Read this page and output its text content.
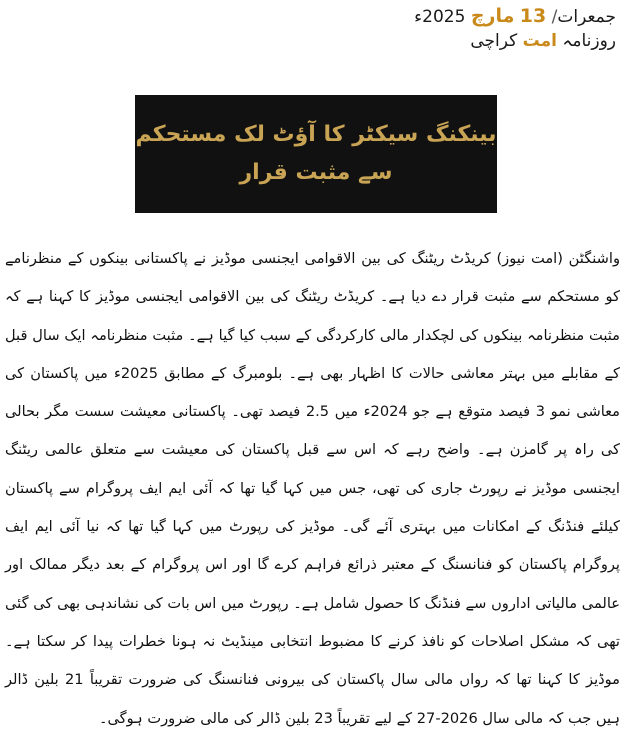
جمعرات/ 13 مارچ 2025ء
روزنامہ امت کراچی
بینکنگ سیکٹر کا آؤٹ لک مستحکم
سے مثبت قرار
واشنگٹن (امت نیوز) کریڈٹ ریٹنگ کی بین الاقوامی ایجنسی موڈیز نے پاکستانی بینکوں کے منظرنامے کو مستحکم سے مثبت قرار دے دیا ہے۔ کریڈٹ ریٹنگ کی بین الاقوامی ایجنسی موڈیز کا کہنا ہے کہ مثبت منظرنامہ بینکوں کی لچکدار مالی کارکردگی کے سبب کیا گیا ہے۔ مثبت منظرنامہ ایک سال قبل کے مقابلے میں بہتر معاشی حالات کا اظہار بھی ہے۔ بلومبرگ کے مطابق 2025ء میں پاکستان کی معاشی نمو 3 فیصد متوقع ہے جو 2024ء میں 2.5 فیصد تھی۔ پاکستانی معیشت سست مگر بحالی کی راہ پر گامزن ہے۔ واضح رہے کہ اس سے قبل پاکستان کی معیشت سے متعلق عالمی ریٹنگ ایجنسی موڈیز نے رپورٹ جاری کی تھی، جس میں کہا گیا تھا کہ آئی ایم ایف پروگرام سے پاکستان کیلئے فنڈنگ کے امکانات میں بہتری آئے گی۔ موڈیز کی رپورٹ میں کہا گیا تھا کہ نیا آئی ایم ایف پروگرام پاکستان کو فنانسنگ کے معتبر ذرائع فراہم کرے گا اور اس پروگرام کے بعد دیگر ممالک اور عالمی مالیاتی اداروں سے فنڈنگ کا حصول شامل ہے۔ رپورٹ میں اس بات کی نشاندہی بھی کی گئی تھی کہ مشکل اصلاحات کو نافذ کرنے کا مضبوط انتخابی مینڈیٹ نہ ہونا خطرات پیدا کر سکتا ہے۔ موڈیز کا کہنا تھا کہ رواں مالی سال پاکستان کی بیرونی فنانسنگ کی ضرورت تقریباً 21 بلین ڈالر ہیں جب کہ مالی سال 2026-27 کے لیے تقریباً 23 بلین ڈالر کی مالی ضرورت ہوگی۔
